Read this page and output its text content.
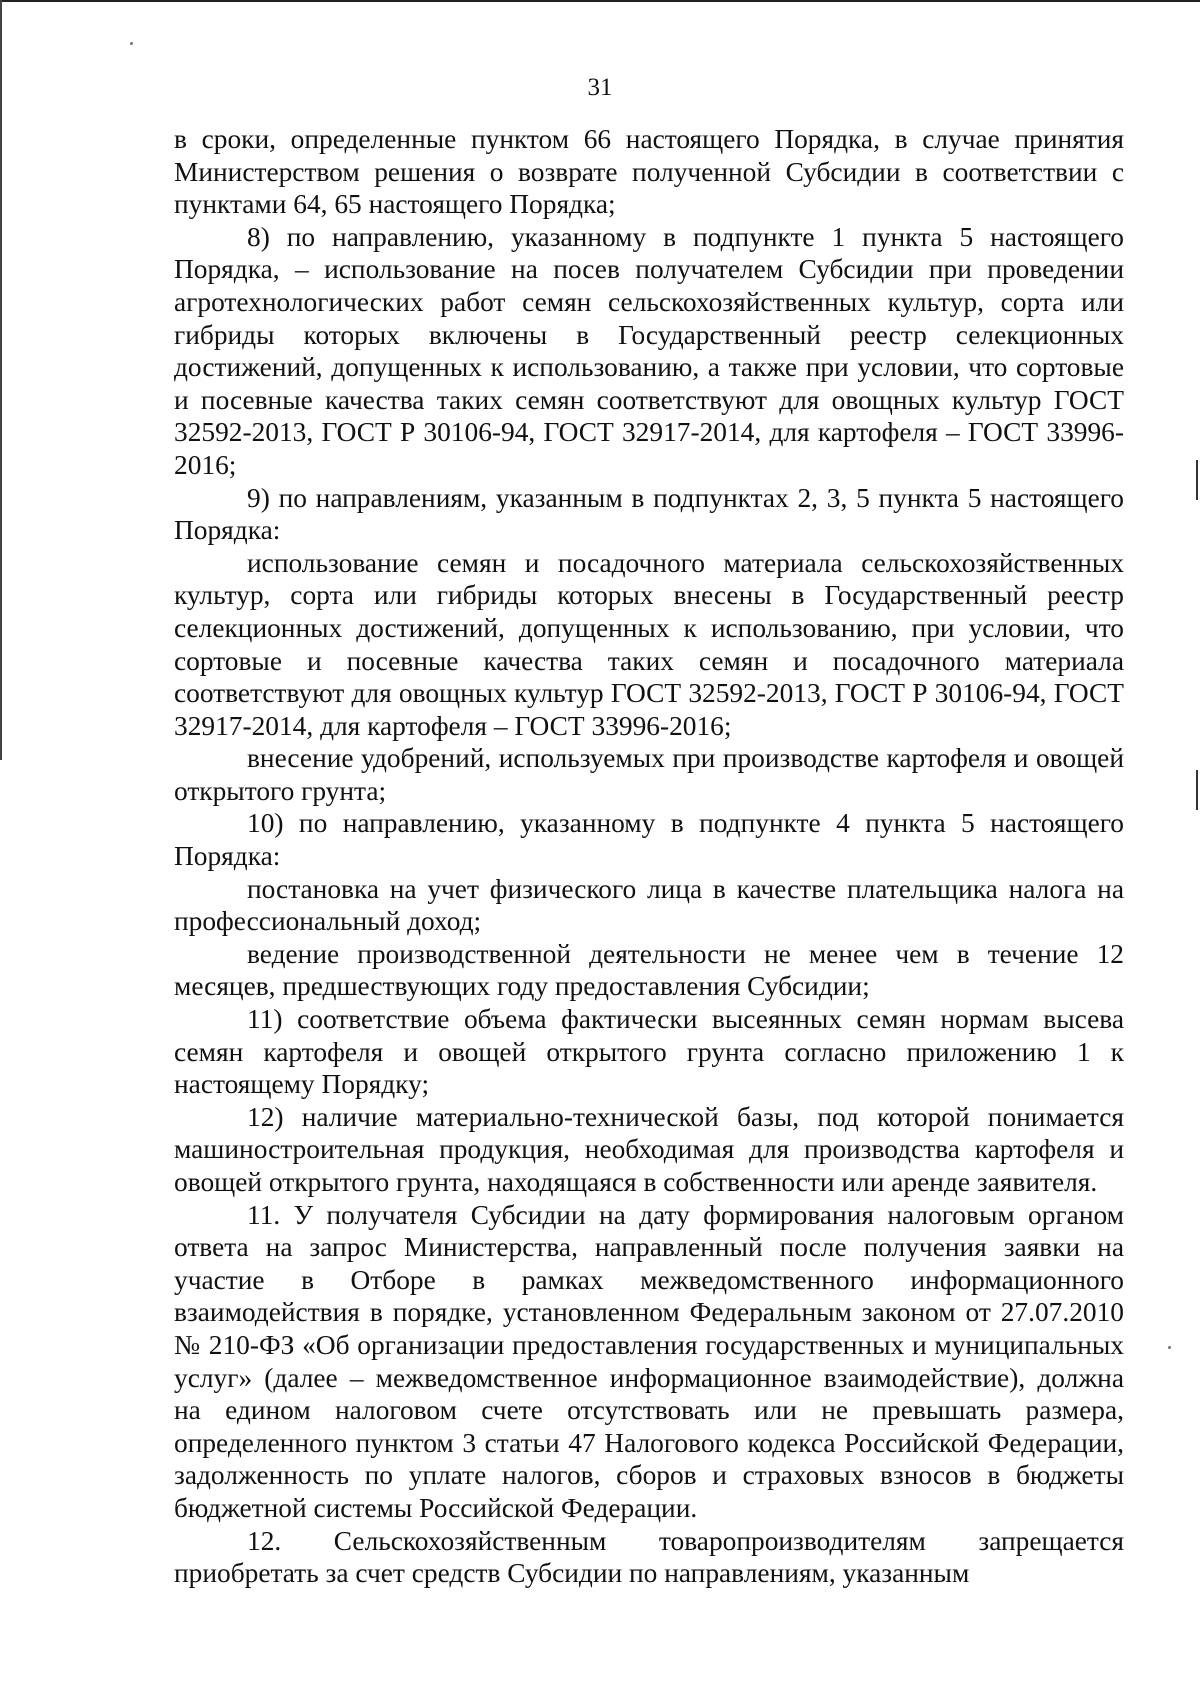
31

в сроки, определенные пунктом 66 настоящего Порядка, в случае принятия Министерством решения о возврате полученной Субсидии в соответствии с пунктами 64, 65 настоящего Порядка;

8) по направлению, указанному в подпункте 1 пункта 5 настоящего Порядка, – использование на посев получателем Субсидии при проведении агротехнологических работ семян сельскохозяйственных культур, сорта или гибриды которых включены в Государственный реестр селекционных достижений, допущенных к использованию, а также при условии, что сортовые и посевные качества таких семян соответствуют для овощных культур ГОСТ 32592-2013, ГОСТ Р 30106-94, ГОСТ 32917-2014, для картофеля – ГОСТ 33996-2016;

9) по направлениям, указанным в подпунктах 2, 3, 5 пункта 5 настоящего Порядка:

использование семян и посадочного материала сельскохозяйственных культур, сорта или гибриды которых внесены в Государственный реестр селекционных достижений, допущенных к использованию, при условии, что сортовые и посевные качества таких семян и посадочного материала соответствуют для овощных культур ГОСТ 32592-2013, ГОСТ Р 30106-94, ГОСТ 32917-2014, для картофеля – ГОСТ 33996-2016;

внесение удобрений, используемых при производстве картофеля и овощей открытого грунта;

10) по направлению, указанному в подпункте 4 пункта 5 настоящего Порядка:

постановка на учет физического лица в качестве плательщика налога на профессиональный доход;

ведение производственной деятельности не менее чем в течение 12 месяцев, предшествующих году предоставления Субсидии;

11) соответствие объема фактически высеянных семян нормам высева семян картофеля и овощей открытого грунта согласно приложению 1 к настоящему Порядку;

12) наличие материально-технической базы, под которой понимается машиностроительная продукция, необходимая для производства картофеля и овощей открытого грунта, находящаяся в собственности или аренде заявителя.

11. У получателя Субсидии на дату формирования налоговым органом ответа на запрос Министерства, направленный после получения заявки на участие в Отборе в рамках межведомственного информационного взаимодействия в порядке, установленном Федеральным законом от 27.07.2010 № 210-ФЗ «Об организации предоставления государственных и муниципальных услуг» (далее – межведомственное информационное взаимодействие), должна на едином налоговом счете отсутствовать или не превышать размера, определенного пунктом 3 статьи 47 Налогового кодекса Российской Федерации, задолженность по уплате налогов, сборов и страховых взносов в бюджеты бюджетной системы Российской Федерации.

12. Сельскохозяйственным товаропроизводителям запрещается приобретать за счет средств Субсидии по направлениям, указанным
